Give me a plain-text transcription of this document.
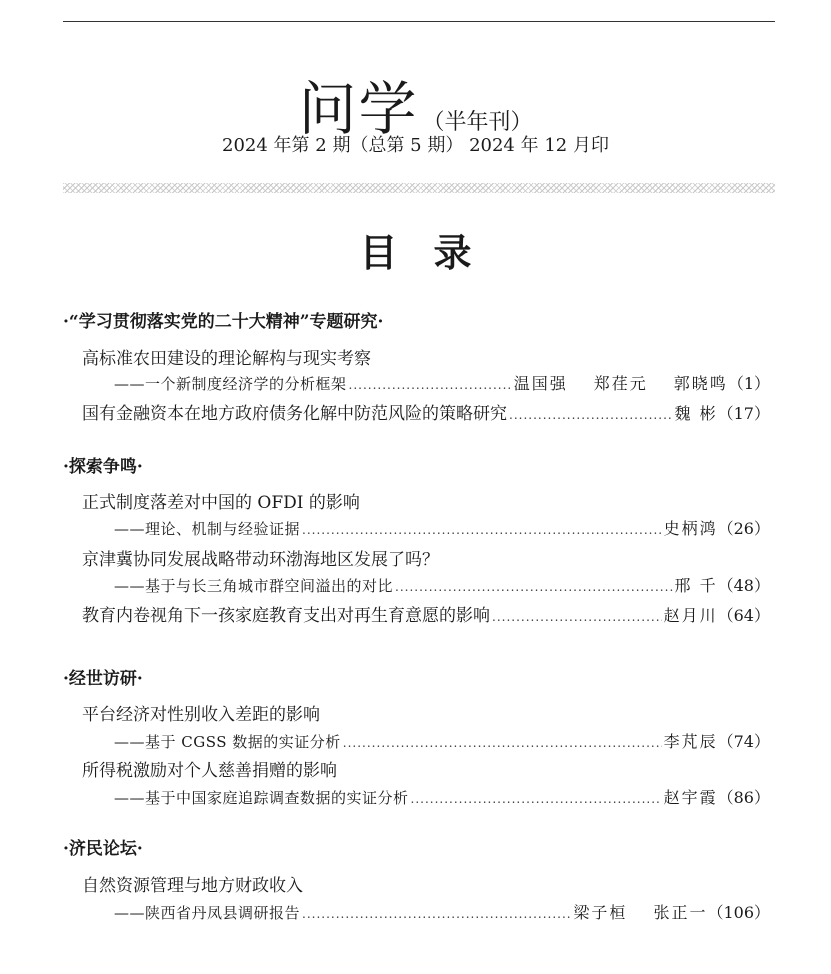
问学 （半年刊）
2024 年第 2 期（总第 5 期） 2024 年 12 月印
目录
·“学习贯彻落实党的二十大精神”专题研究·
高标准农田建设的理论解构与现实考察
——一个新制度经济学的分析框架 .....	温国强 郑荏元 郭晓鸣 （1）
国有金融资本在地方政府债务化解中防范风险的策略研究 .....	魏 彬 （17）
·探索争鸣·
正式制度落差对中国的 OFDI 的影响
——理论、机制与经验证据 .....	史柄鸿 （26）
京津冀协同发展战略带动环渤海地区发展了吗？
——基于与长三角城市群空间溢出的对比 .....	邢 千 （48）
教育内卷视角下一孩家庭教育支出对再生育意愿的影响 .....	赵月川 （64）
·经世访研·
平台经济对性别收入差距的影响
——基于 CGSS 数据的实证分析 .....	李芃辰 （74）
所得税激励对个人慈善捐赠的影响
——基于中国家庭追踪调查数据的实证分析 .....	赵宇霞 （86）
·济民论坛·
自然资源管理与地方财政收入
——陕西省丹凤县调研报告 .....	梁子桓 张正一 （106）
